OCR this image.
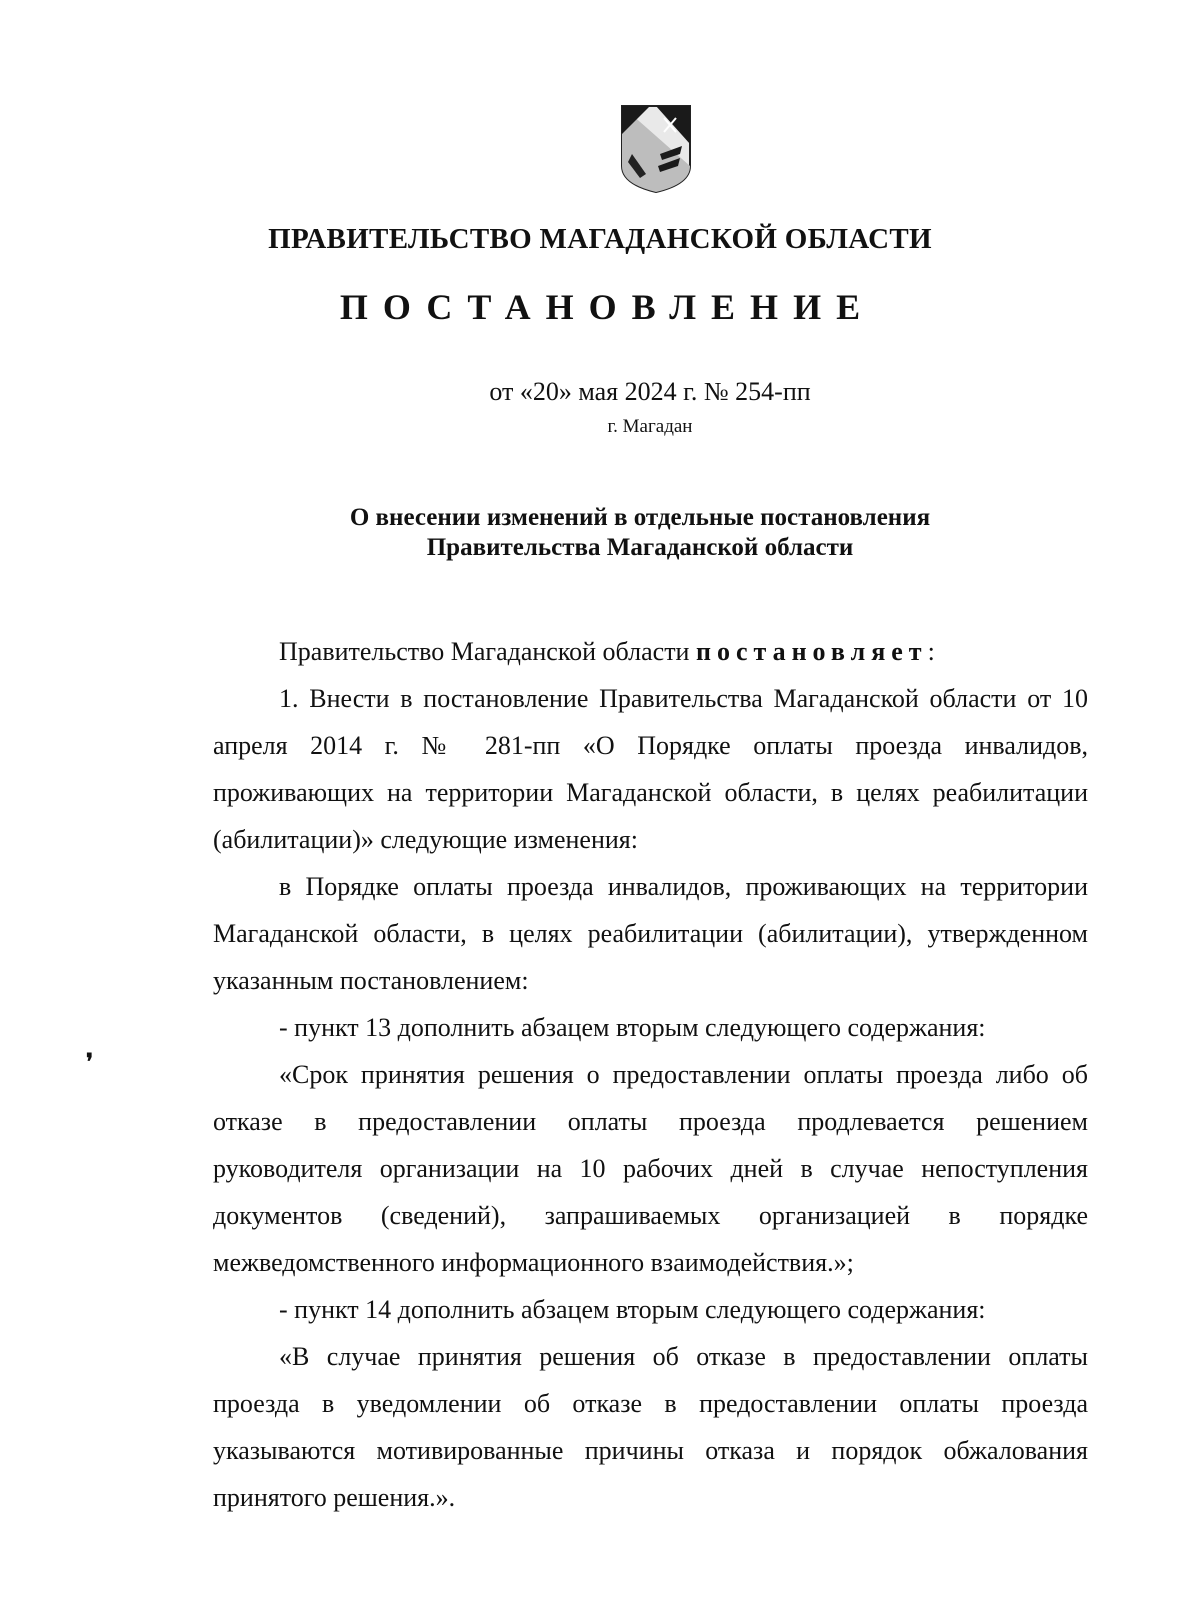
ПРАВИТЕЛЬСТВО МАГАДАНСКОЙ ОБЛАСТИ
ПОСТАНОВЛЕНИЕ
от «20» мая 2024 г. № 254-пп
г. Магадан
О внесении изменений в отдельные постановления
Правительства Магаданской области

Правительство Магаданской области постановляет:

1. Внести в постановление Правительства Магаданской области от 10 апреля 2014 г. № 281-пп «О Порядке оплаты проезда инвалидов, проживающих на территории Магаданской области, в целях реабилитации (абилитации)» следующие изменения:

в Порядке оплаты проезда инвалидов, проживающих на территории Магаданской области, в целях реабилитации (абилитации), утвержденном указанным постановлением:

- пункт 13 дополнить абзацем вторым следующего содержания:

«Срок принятия решения о предоставлении оплаты проезда либо об отказе в предоставлении оплаты проезда продлевается решением руководителя организации на 10 рабочих дней в случае непоступления документов (сведений), запрашиваемых организацией в порядке межведомственного информационного взаимодействия.»;

- пункт 14 дополнить абзацем вторым следующего содержания:

«В случае принятия решения об отказе в предоставлении оплаты проезда в уведомлении об отказе в предоставлении оплаты проезда указываются мотивированные причины отказа и порядок обжалования принятого решения.».

❜
